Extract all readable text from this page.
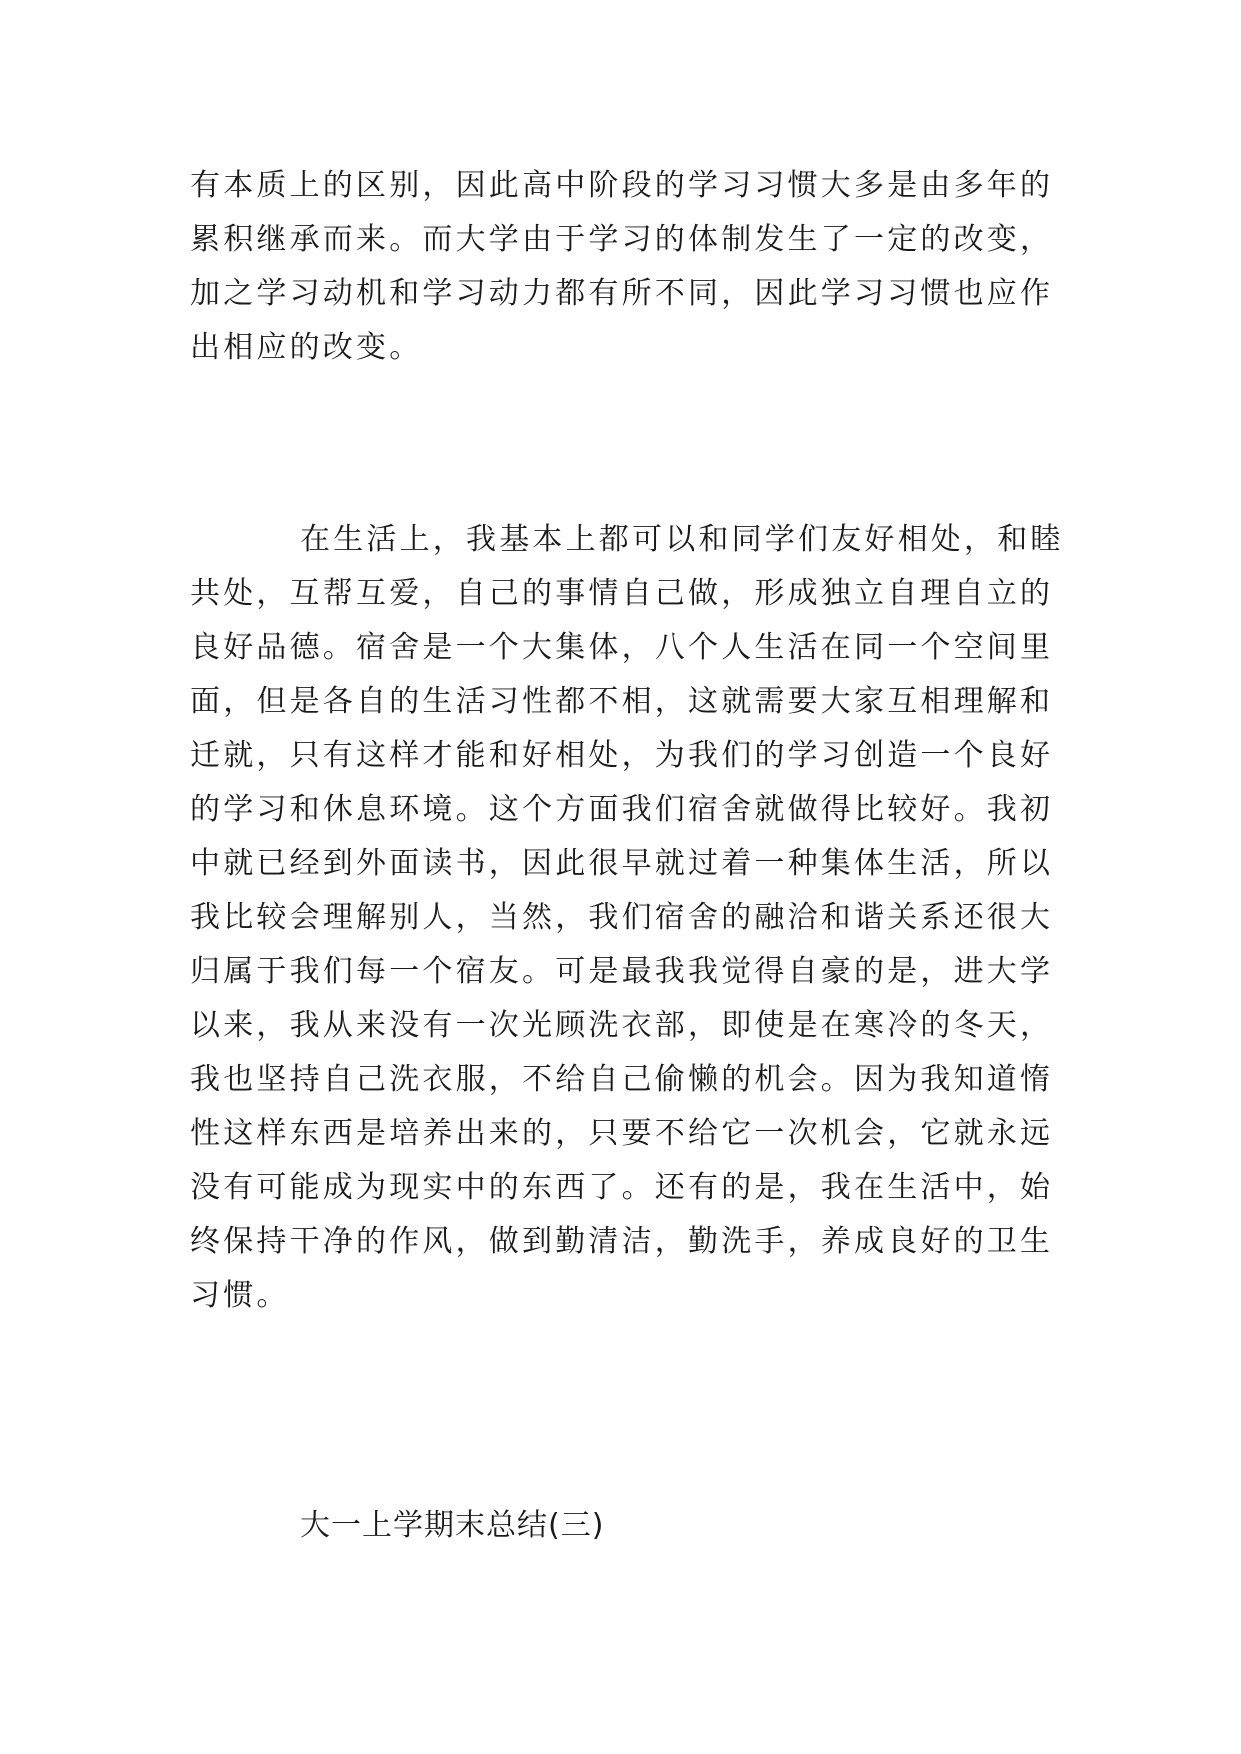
有本质上的区别，因此高中阶段的学习习惯大多是由多年的

累积继承而来。而大学由于学习的体制发生了一定的改变，

加之学习动机和学习动力都有所不同，因此学习习惯也应作

出相应的改变。

在生活上，我基本上都可以和同学们友好相处，和睦

共处，互帮互爱，自己的事情自己做，形成独立自理自立的

良好品德。宿舍是一个大集体，八个人生活在同一个空间里

面，但是各自的生活习性都不相，这就需要大家互相理解和

迁就，只有这样才能和好相处，为我们的学习创造一个良好

的学习和休息环境。这个方面我们宿舍就做得比较好。我初

中就已经到外面读书，因此很早就过着一种集体生活，所以

我比较会理解别人，当然，我们宿舍的融洽和谐关系还很大

归属于我们每一个宿友。可是最我我觉得自豪的是，进大学

以来，我从来没有一次光顾洗衣部，即使是在寒冷的冬天，

我也坚持自己洗衣服，不给自己偷懒的机会。因为我知道惰

性这样东西是培养出来的，只要不给它一次机会，它就永远

没有可能成为现实中的东西了。还有的是，我在生活中，始

终保持干净的作风，做到勤清洁，勤洗手，养成良好的卫生

习惯。

大一上学期末总结(三)
